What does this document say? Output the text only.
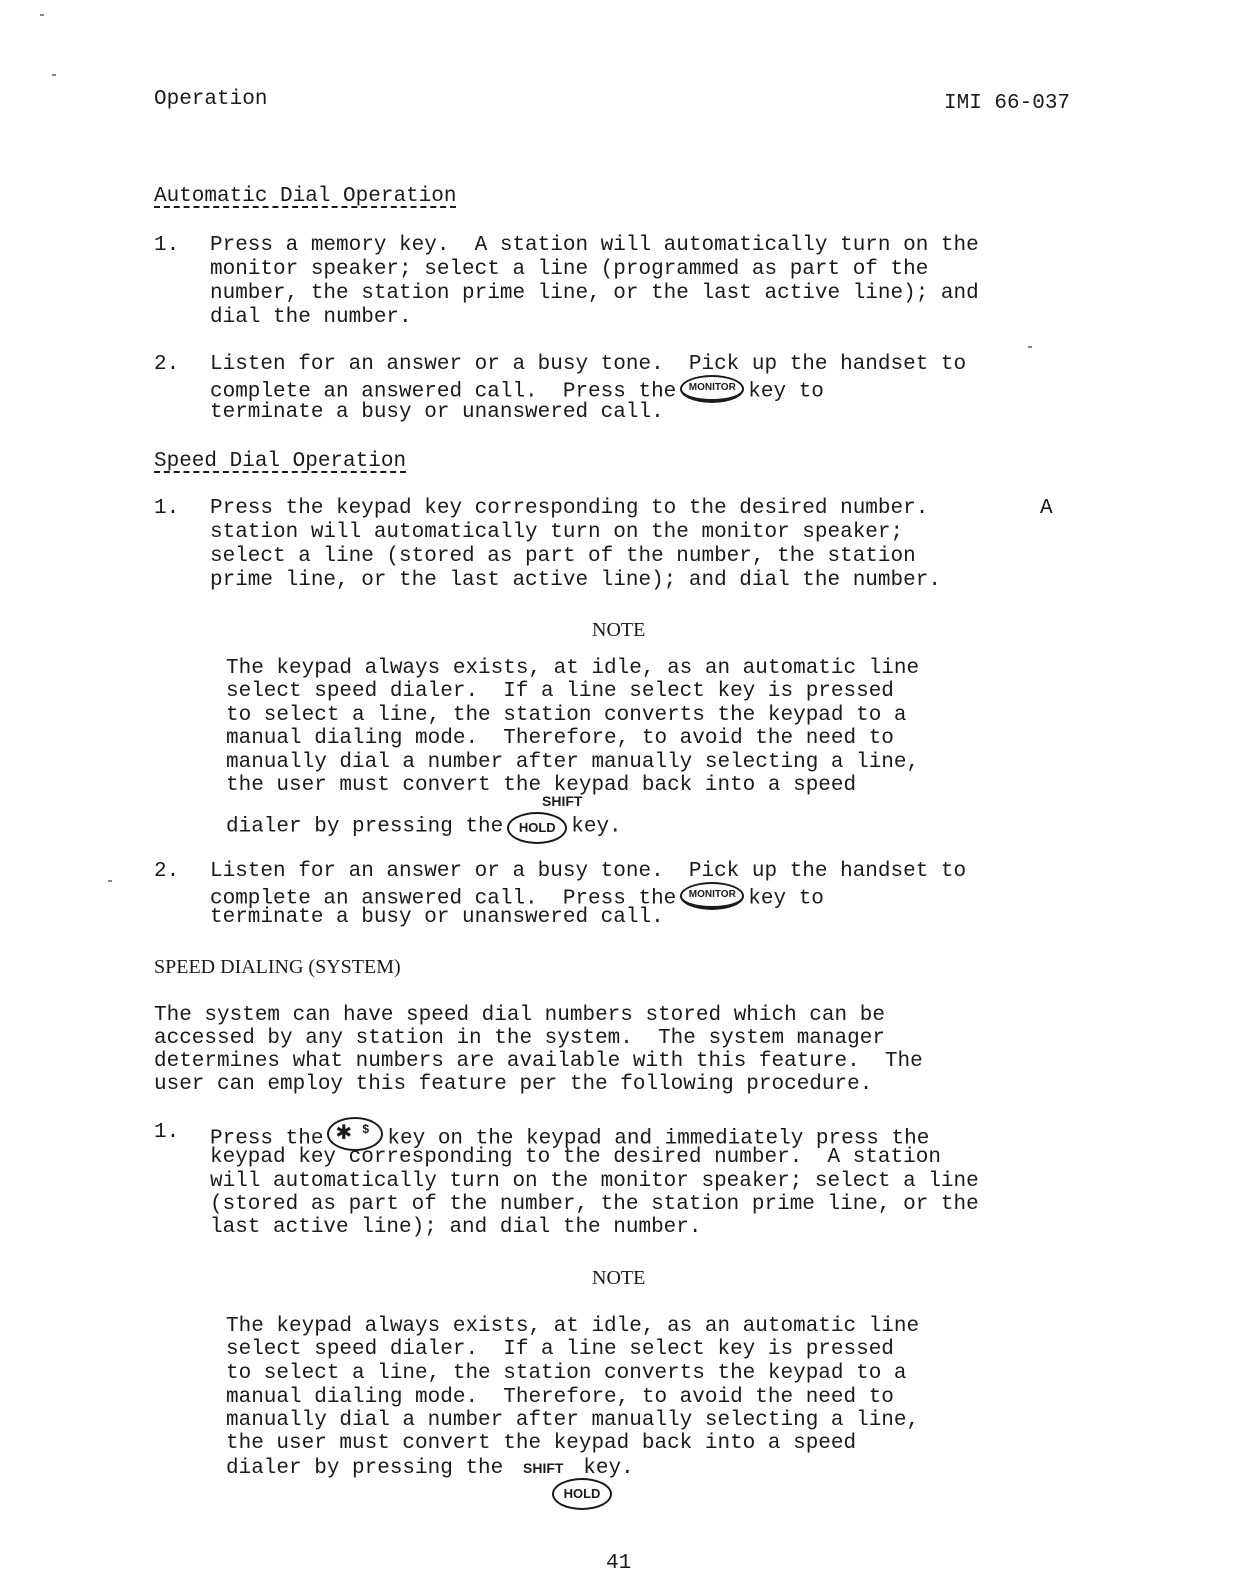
Operation	IMI 66-037
Automatic Dial Operation
1. Press a memory key.  A station will automatically turn on the
monitor speaker; select a line (programmed as part of the
number, the station prime line, or the last active line); and
dial the number.
2. Listen for an answer or a busy tone.  Pick up the handset to
complete an answered call.  Press the MONITOR key to
terminate a busy or unanswered call.
Speed Dial Operation
1. Press the keypad key corresponding to the desired number.	A
station will automatically turn on the monitor speaker;
select a line (stored as part of the number, the station
prime line, or the last active line); and dial the number.
NOTE
The keypad always exists, at idle, as an automatic line
select speed dialer.  If a line select key is pressed
to select a line, the station converts the keypad to a
manual dialing mode.  Therefore, to avoid the need to
manually dial a number after manually selecting a line,
the user must convert the keypad back into a speed
SHIFT
dialer by pressing the HOLD key.
2. Listen for an answer or a busy tone.  Pick up the handset to
complete an answered call.  Press the MONITOR key to
terminate a busy or unanswered call.
SPEED DIALING (SYSTEM)
The system can have speed dial numbers stored which can be
accessed by any station in the system.  The system manager
determines what numbers are available with this feature.  The
user can employ this feature per the following procedure.
1. Press the ✱ $ key on the keypad and immediately press the
keypad key corresponding to the desired number.  A station
will automatically turn on the monitor speaker; select a line
(stored as part of the number, the station prime line, or the
last active line); and dial the number.
NOTE
The keypad always exists, at idle, as an automatic line
select speed dialer.  If a line select key is pressed
to select a line, the station converts the keypad to a
manual dialing mode.  Therefore, to avoid the need to
manually dial a number after manually selecting a line,
the user must convert the keypad back into a speed
dialer by pressing the SHIFT key.
HOLD
41
